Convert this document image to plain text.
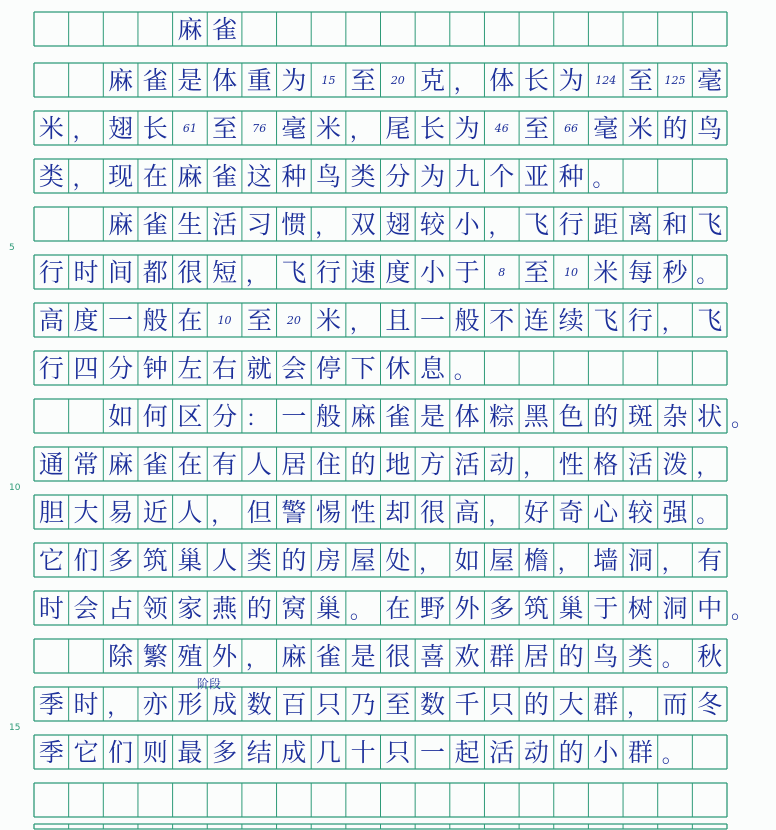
麻 雀
麻 雀 是 体 重 为	15 至	20 克 ， 体 长 为	124 至	125 毫
米 ， 翅 长	61 至	76 毫 米 ， 尾 长 为	46 至	66 毫 米 的 鸟
类 ， 现 在 麻 雀 这 种 鸟 类 分 为 九 个 亚 种 。
麻 雀 生 活 习 惯 ， 双 翅 较 小 ， 飞 行 距 离 和 飞
行 时 间 都 很 短 ， 飞 行 速 度 小 于	8 至	10 米 每 秒 。
高 度 一 般 在	10 至	20 米 ， 且 一 般 不 连 续 飞 行 ， 飞
行 四 分 钟 左 右 就 会 停 下 休 息 。
如 何 区 分 ： 一 般 麻 雀 是 体 粽 黑 色 的 斑 杂 状 。
通 常 麻 雀 在 有 人 居 住 的 地 方 活 动 ， 性 格 活 泼 ，
胆 大 易 近 人 ， 但 警 惕 性 却 很 高 ， 好 奇 心 较 强 。
它 们 多 筑 巢 人 类 的 房 屋 处 ， 如 屋 檐 ， 墙 洞 ， 有
时 会 占 领 家 燕 的 窝 巢 。 在 野 外 多 筑 巢 于 树 洞 中 。
除 繁 殖 外 ， 麻 雀 是 很 喜 欢 群 居 的 鸟 类 。 秋
季 时 ， 亦 形 成 数 百 只 乃 至 数 千 只 的 大 群 ， 而 冬
季 它 们 则 最 多 结 成 几 十 只 一 起 活 动 的 小 群 。
5
10
15
阶段
